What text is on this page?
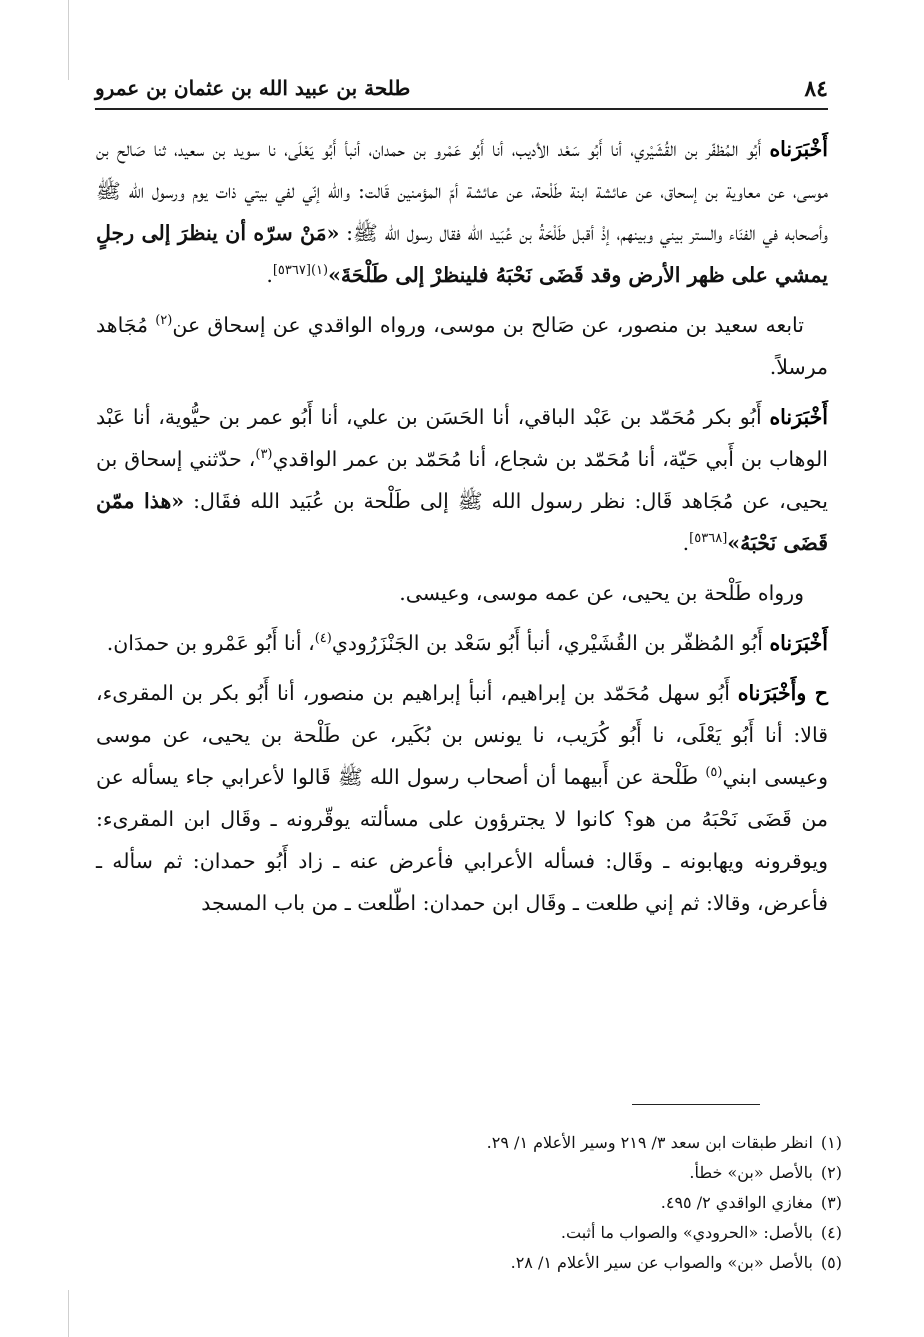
٨٤
طلحة بن عبيد الله بن عثمان بن عمرو

أَخْبَرَناه أَبُو المُظفّر بن القُشَيْري، أنا أَبُو سَعْد الأديب، أنا أَبُو عَمْرو بن حمدان، أنبأ أَبُو يَعْلَى، نا سويد بن سعيد، ثنا صَالح بن موسى، عن معاوية بن إسحاق، عن عائشة ابنة طَلْحة، عن عائشة أمّ المؤمنين قَالت: والله إنّي لفي بيتي ذات يوم ورسول الله ﷺ وأصحابه في الفنَاء والستر بيني وبينهم، إذْ أقبل طَلْحَةُ بن عُبَيد الله فقال رسول الله ﷺ: «مَنْ سرّه أن ينظرَ إلى رجلٍ يمشي على ظهر الأرض وقد قَضَى نَحْبَهُ فلينظرْ إلى طَلْحَةَ»$^{(١)[٥٣٦٧]}$.

تابعه سعيد بن منصور، عن صَالح بن موسى، ورواه الواقدي عن إسحاق عن$^{(٢)}$ مُجَاهد مرسلاً.

أَخْبَرَناه أَبُو بكر مُحَمّد بن عَبْد الباقي، أنا الحَسَن بن علي، أنا أَبُو عمر بن حيُّوية، أنا عَبْد الوهاب بن أَبي حَيّة، أنا مُحَمّد بن شجاع، أنا مُحَمّد بن عمر الواقدي$^{(٣)}$، حدّثني إسحاق بن يحيى، عن مُجَاهد قَال: نظر رسول الله ﷺ إلى طَلْحة بن عُبَيد الله فقَال: «هذا ممّن قَضَى نَحْبَهُ»[٥٣٦٨].

ورواه طَلْحة بن يحيى، عن عمه موسى، وعيسى.

أَخْبَرَناه أَبُو المُظفّر بن القُشَيْري، أنبأ أَبُو سَعْد بن الجَنْزَرُودي$^{(٤)}$، أنا أَبُو عَمْرو بن حمدَان.

ح وأَخْبَرَناه أَبُو سهل مُحَمّد بن إبراهيم، أنبأ إبراهيم بن منصور، أنا أَبُو بكر بن المقرىء، قالا: أنا أَبُو يَعْلَى، نا أَبُو كُرَيب، نا يونس بن بُكَير، عن طَلْحة بن يحيى، عن موسى وعيسى ابني$^{(٥)}$ طَلْحة عن أَبيهما أن أصحاب رسول الله ﷺ قَالوا لأعرابي جاء يسأله عن من قَضَى نَحْبَهُ من هو؟ كانوا لا يجترؤون على مسألته يوقّرونه ـ وقَال ابن المقرىء: ويوقرونه ويهابونه ـ وقَال: فسأله الأعرابي فأعرض عنه ـ زاد أَبُو حمدان: ثم سأله ـ فأعرض، وقالا: ثم إني طلعت ـ وقَال ابن حمدان: اطّلعت ـ من باب المسجد

(١)انظر طبقات ابن سعد ٣/ ٢١٩ وسير الأعلام ١/ ٢٩.
(٢)بالأصل «بن» خطأ.
(٣)مغازي الواقدي ٢/ ٤٩٥.
(٤)بالأصل: «الحرودي» والصواب ما أثبت.
(٥)بالأصل «بن» والصواب عن سير الأعلام ١/ ٢٨.
